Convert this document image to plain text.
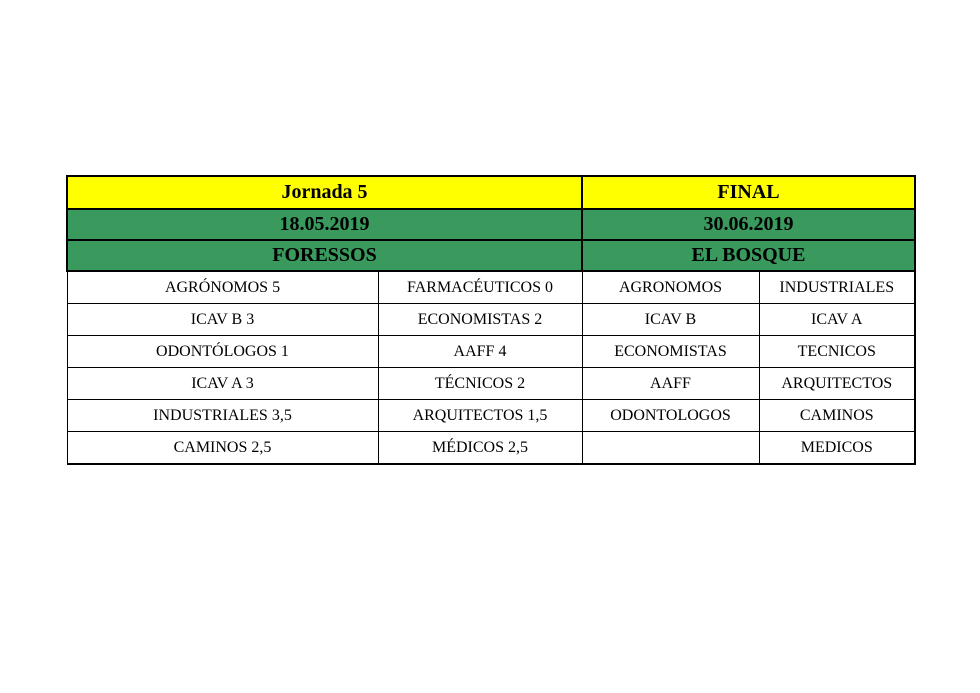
Jornada 5		FINAL	
18.05.2019		30.06.2019	
FORESSOS		EL BOSQUE	
AGRÓNOMOS 5	FARMACÉUTICOS 0	AGRONOMOS	INDUSTRIALES
ICAV B 3	ECONOMISTAS 2	ICAV B	ICAV A
ODONTÓLOGOS 1	AAFF 4	ECONOMISTAS	TECNICOS
ICAV A 3	TÉCNICOS 2	AAFF	ARQUITECTOS
INDUSTRIALES 3,5	ARQUITECTOS 1,5	ODONTOLOGOS	CAMINOS
CAMINOS 2,5	MÉDICOS 2,5		MEDICOS
